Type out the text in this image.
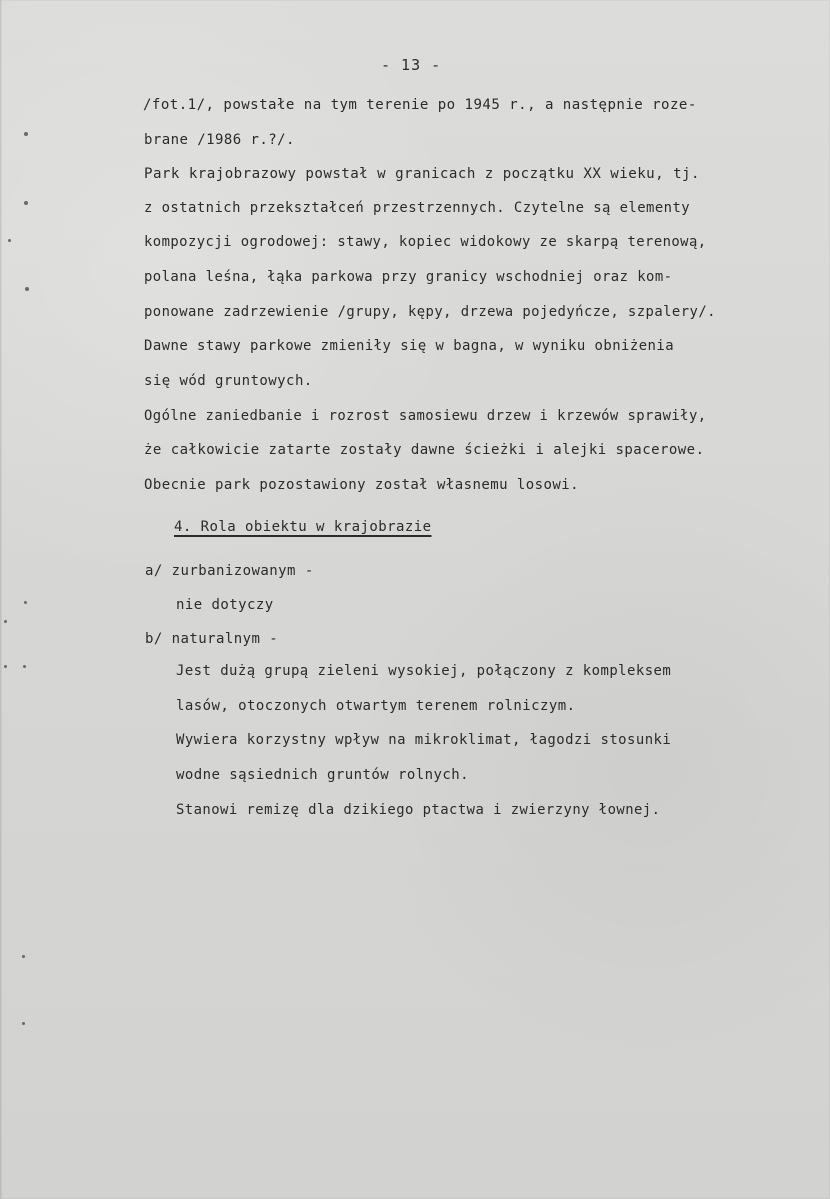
- 13 -
/fot.1/, powstałe na tym terenie po 1945 r., a następnie roze-
brane /1986 r.?/.
Park krajobrazowy powstał w granicach z początku XX wieku, tj.
z ostatnich przekształceń przestrzennych. Czytelne są elementy
kompozycji ogrodowej: stawy, kopiec widokowy ze skarpą terenową,
polana leśna, łąka parkowa przy granicy wschodniej oraz kom-
ponowane zadrzewienie /grupy, kępy, drzewa pojedyńcze, szpalery/.
Dawne stawy parkowe zmieniły się w bagna, w wyniku obniżenia
się wód gruntowych.
Ogólne zaniedbanie i rozrost samosiewu drzew i krzewów sprawiły,
że całkowicie zatarte zostały dawne ścieżki i alejki spacerowe.
Obecnie park pozostawiony został własnemu losowi.
4. Rola obiektu w krajobrazie
a/ zurbanizowanym -
nie dotyczy
b/ naturalnym -
Jest dużą grupą zieleni wysokiej, połączony z kompleksem
lasów, otoczonych otwartym terenem rolniczym.
Wywiera korzystny wpływ na mikroklimat, łagodzi stosunki
wodne sąsiednich gruntów rolnych.
Stanowi remizę dla dzikiego ptactwa i zwierzyny łownej.
